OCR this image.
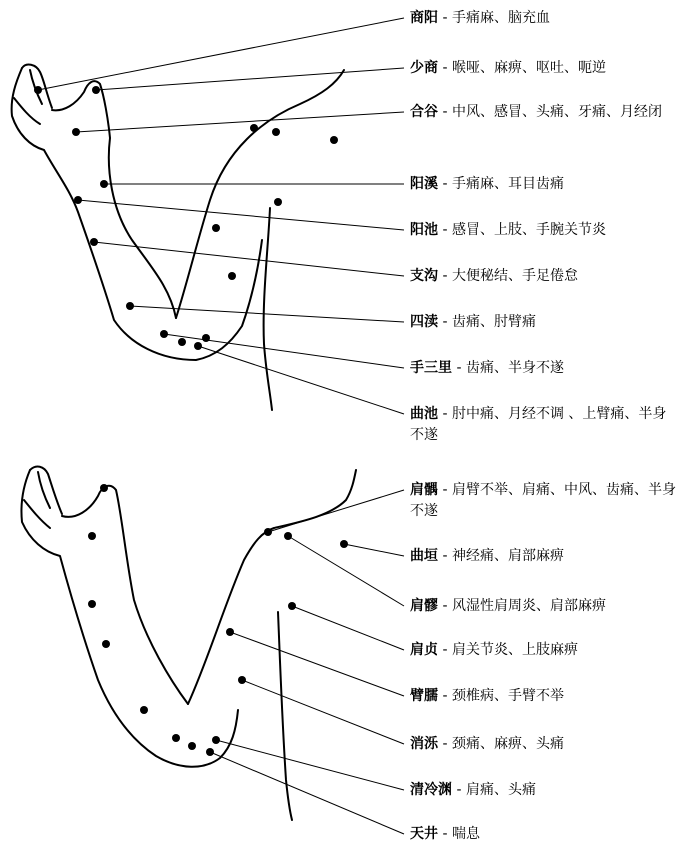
商阳 - 手痛麻、脑充血
少商 - 喉哑、麻痹、呕吐、呃逆
合谷 - 中风、感冒、头痛、牙痛、月经闭
阳溪 - 手痛麻、耳目齿痛
阳池 - 感冒、上肢、手腕关节炎
支沟 - 大便秘结、手足倦怠
四渎 - 齿痛、肘臂痛
手三里 - 齿痛、半身不遂
曲池 - 肘中痛、月经不调 、上臂痛、半身不遂
肩髃 - 肩臂不举、肩痛、中风、齿痛、半身不遂
曲垣 - 神经痛、肩部麻痹
肩髎 - 风湿性肩周炎、肩部麻痹
肩贞 - 肩关节炎、上肢麻痹
臂臑 - 颈椎病、手臂不举
消泺 - 颈痛、麻痹、头痛
清冷渊 - 肩痛、头痛
天井 - 喘息
